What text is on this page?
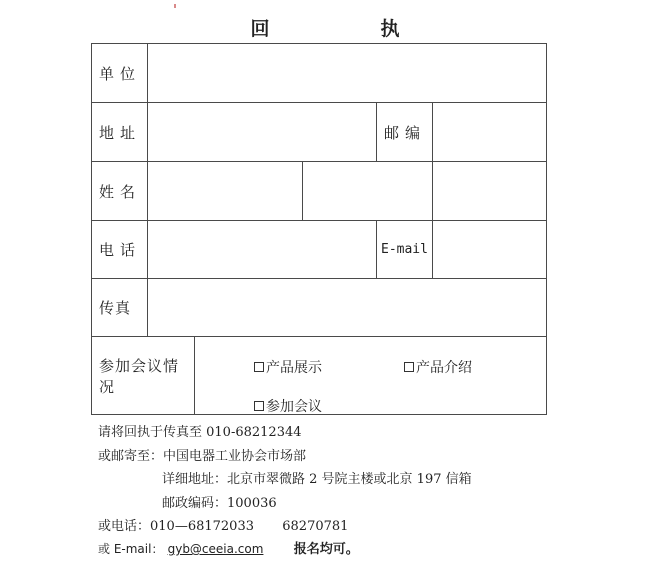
回　执
单位
地址	邮编
姓名
电话	E-mail
传真
参加会议情况
产品展示	产品介绍
参加会议
请将回执于传真至 010-68212344
或邮寄至：中国电器工业协会市场部
详细地址：北京市翠微路 2 号院主楼或北京 197 信箱
邮政编码：100036
或电话：010—68172033 68270781
或 E-mail： gyb@ceeia.com 报名均可。
